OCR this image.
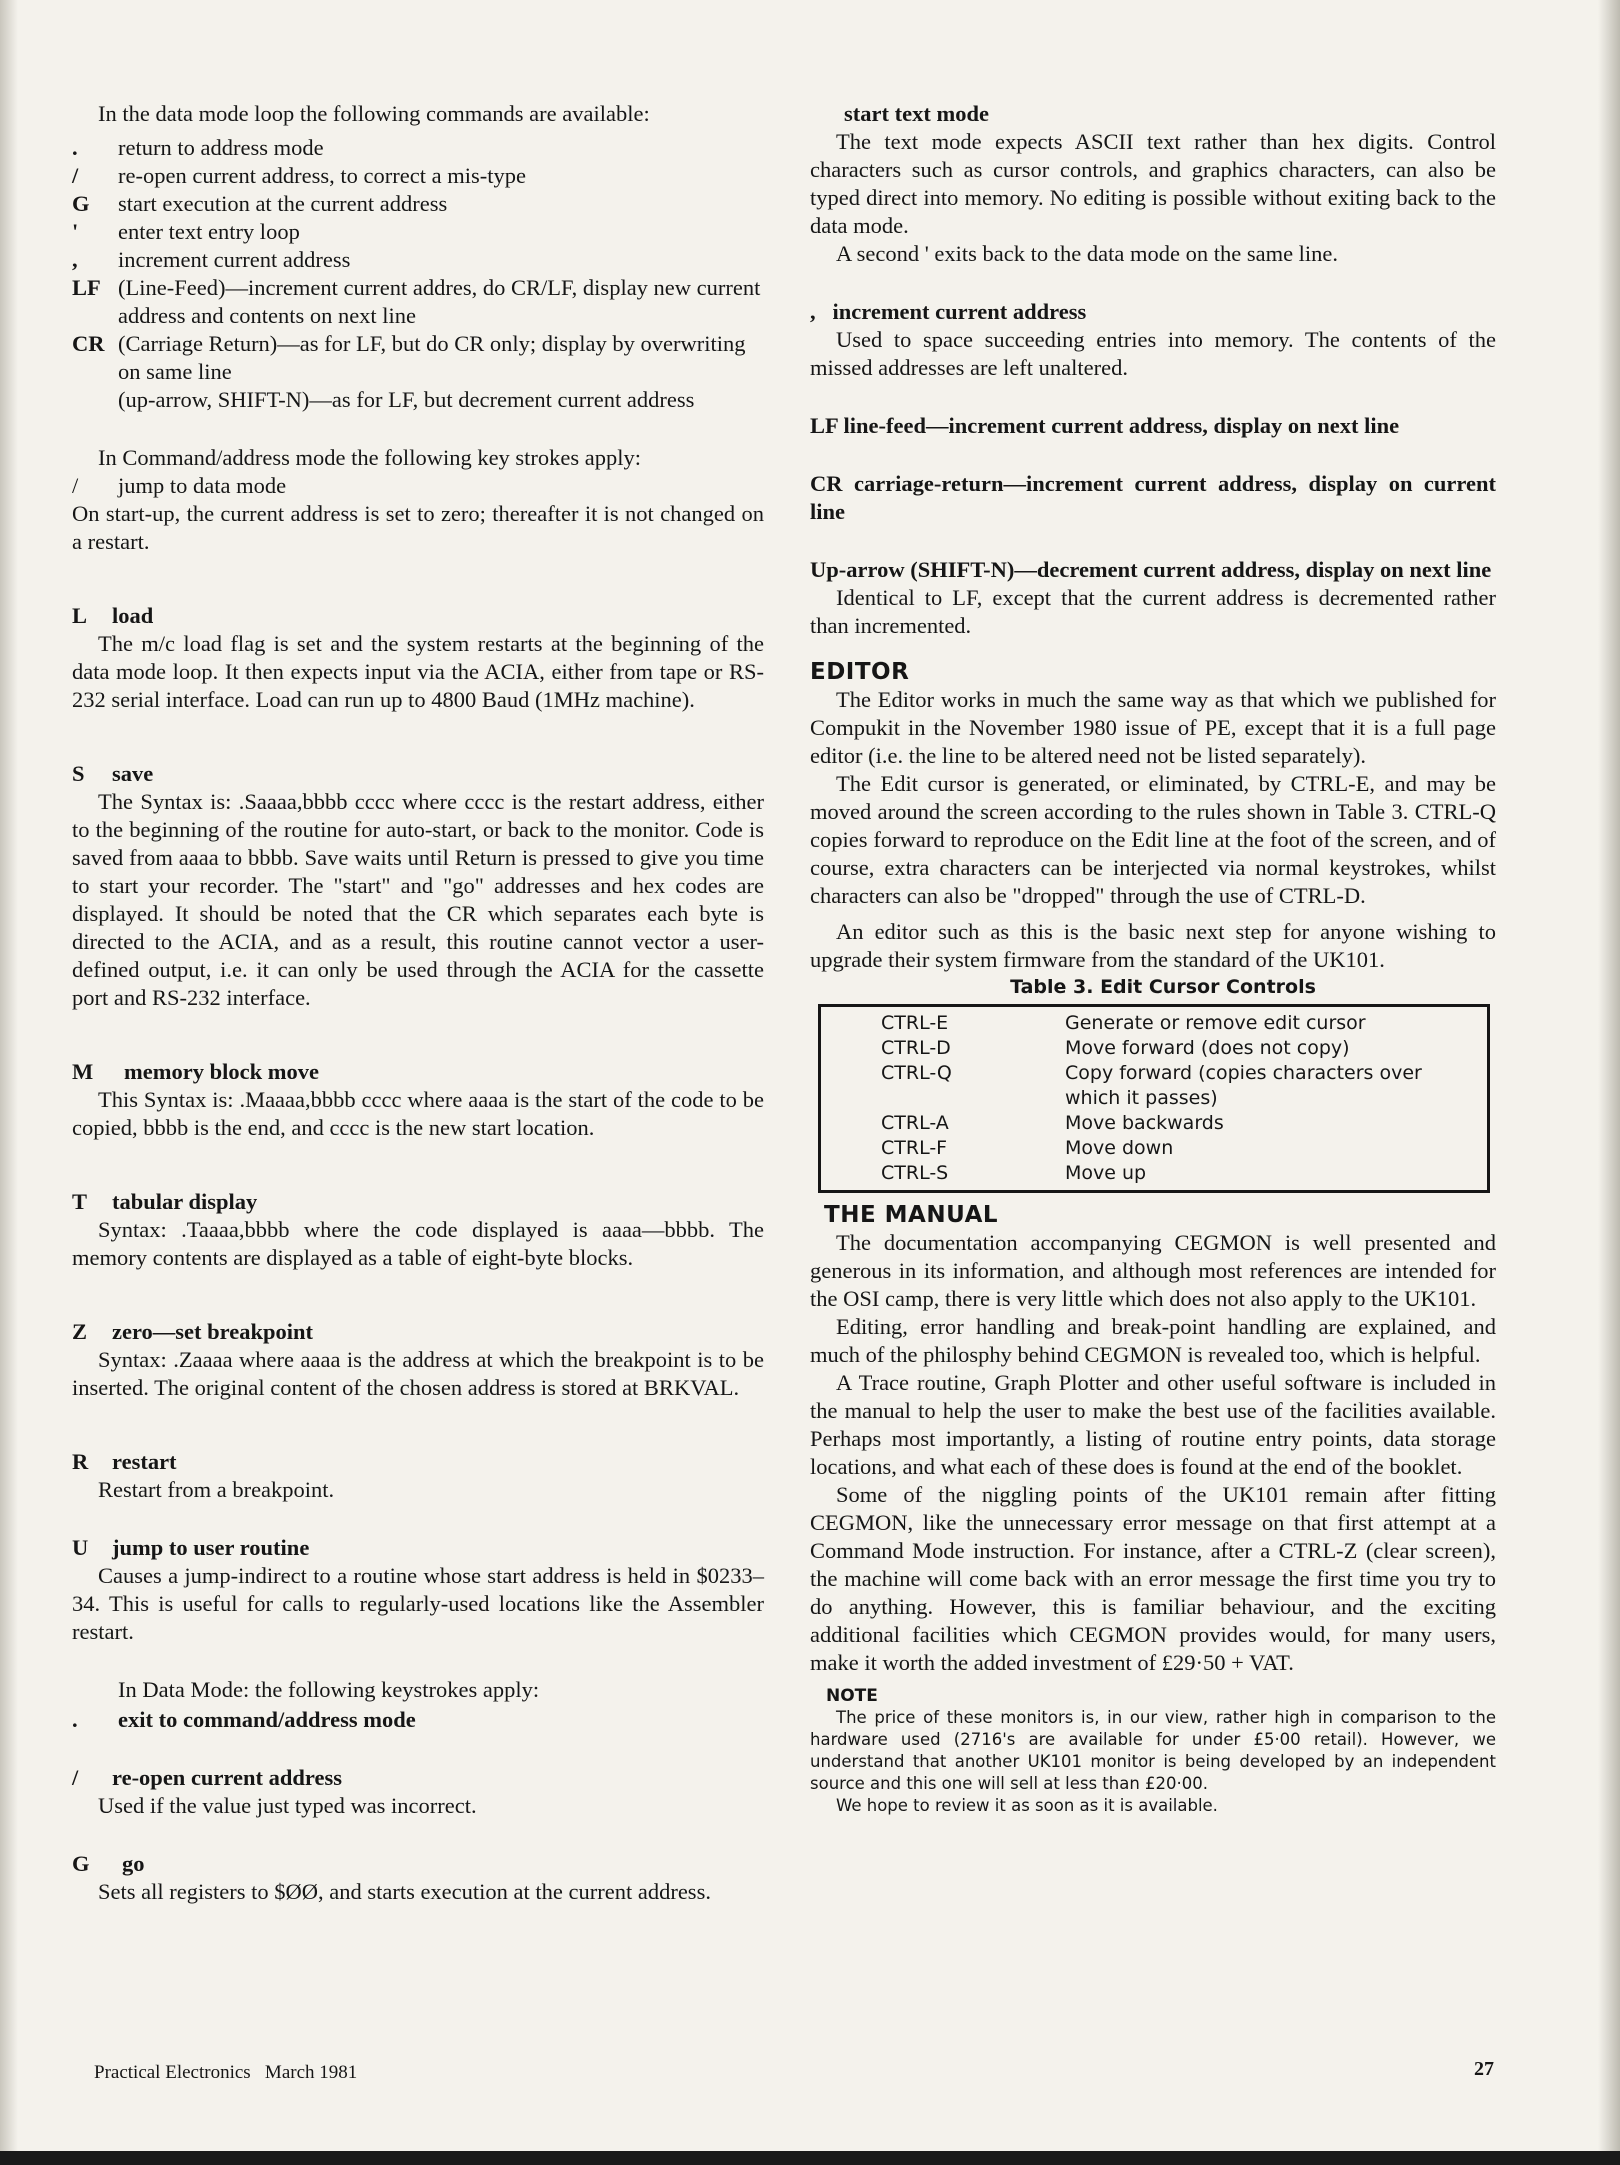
In the data mode loop the following commands are available:

.	return to address mode
/	re-open current address, to correct a mis-type
G	start execution at the current address
'	enter text entry loop
,	increment current address
LF (Line-Feed)—increment current addres, do CR/LF, display new current address and contents on next line
CR (Carriage Return)—as for LF, but do CR only; display by overwriting on same line
(up-arrow, SHIFT-N)—as for LF, but decrement current address

In Command/address mode the following key strokes apply:

/	jump to data mode

On start-up, the current address is set to zero; thereafter it is not changed on a restart.

L load

The m/c load flag is set and the system restarts at the beginning of the data mode loop. It then expects input via the ACIA, either from tape or RS-232 serial interface. Load can run up to 4800 Baud (1MHz machine).

S save

The Syntax is: .Saaaa,bbbb cccc where cccc is the restart address, either to the beginning of the routine for auto-start, or back to the monitor. Code is saved from aaaa to bbbb. Save waits until Return is pressed to give you time to start your recorder. The "start" and "go" addresses and hex codes are displayed. It should be noted that the CR which separates each byte is directed to the ACIA, and as a result, this routine cannot vector a user-defined output, i.e. it can only be used through the ACIA for the cassette port and RS-232 interface.

M memory block move

This Syntax is: .Maaaa,bbbb cccc where aaaa is the start of the code to be copied, bbbb is the end, and cccc is the new start location.

T tabular display

Syntax: .Taaaa,bbbb where the code displayed is aaaa—bbbb. The memory contents are displayed as a table of eight-byte blocks.

Z zero—set breakpoint

Syntax: .Zaaaa where aaaa is the address at which the breakpoint is to be inserted. The original content of the chosen address is stored at BRKVAL.

R restart

Restart from a breakpoint.

U jump to user routine

Causes a jump-indirect to a routine whose start address is held in $0233–34. This is useful for calls to regularly-used locations like the Assembler restart.

In Data Mode: the following keystrokes apply:

. exit to command/address mode
/ re-open current address

Used if the value just typed was incorrect.

G go

Sets all registers to $ØØ, and starts execution at the current address.

start text mode

The text mode expects ASCII text rather than hex digits. Control characters such as cursor controls, and graphics characters, can also be typed direct into memory. No editing is possible without exiting back to the data mode.

A second ' exits back to the data mode on the same line.

,   increment current address

Used to space succeeding entries into memory. The contents of the missed addresses are left unaltered.

LF line-feed—increment current address, display on next line
CR carriage-return—increment current address, display on current line
Up-arrow (SHIFT-N)—decrement current address, display on next line

Identical to LF, except that the current address is decremented rather than incremented.

EDITOR

The Editor works in much the same way as that which we published for Compukit in the November 1980 issue of PE, except that it is a full page editor (i.e. the line to be altered need not be listed separately).

The Edit cursor is generated, or eliminated, by CTRL-E, and may be moved around the screen according to the rules shown in Table 3. CTRL-Q copies forward to reproduce on the Edit line at the foot of the screen, and of course, extra characters can be interjected via normal keystrokes, whilst characters can also be "dropped" through the use of CTRL-D.

An editor such as this is the basic next step for anyone wishing to upgrade their system firmware from the standard of the UK101.

Table 3. Edit Cursor Controls
CTRL-E	Generate or remove edit cursor
CTRL-D	Move forward (does not copy)
CTRL-Q	Copy forward (copies characters over which it passes)
CTRL-A	Move backwards
CTRL-F	Move down
CTRL-S	Move up
THE MANUAL

The documentation accompanying CEGMON is well presented and generous in its information, and although most references are intended for the OSI camp, there is very little which does not also apply to the UK101.

Editing, error handling and break-point handling are explained, and much of the philosphy behind CEGMON is revealed too, which is helpful.

A Trace routine, Graph Plotter and other useful software is included in the manual to help the user to make the best use of the facilities available. Perhaps most importantly, a listing of routine entry points, data storage locations, and what each of these does is found at the end of the booklet.

Some of the niggling points of the UK101 remain after fitting CEGMON, like the unnecessary error message on that first attempt at a Command Mode instruction. For instance, after a CTRL-Z (clear screen), the machine will come back with an error message the first time you try to do anything. However, this is familiar behaviour, and the exciting additional facilities which CEGMON provides would, for many users, make it worth the added investment of £29·50 + VAT.

NOTE

The price of these monitors is, in our view, rather high in comparison to the hardware used (2716's are available for under £5·00 retail). However, we understand that another UK101 monitor is being developed by an independent source and this one will sell at less than £20·00.

We hope to review it as soon as it is available.

Practical Electronics   March 1981	27
